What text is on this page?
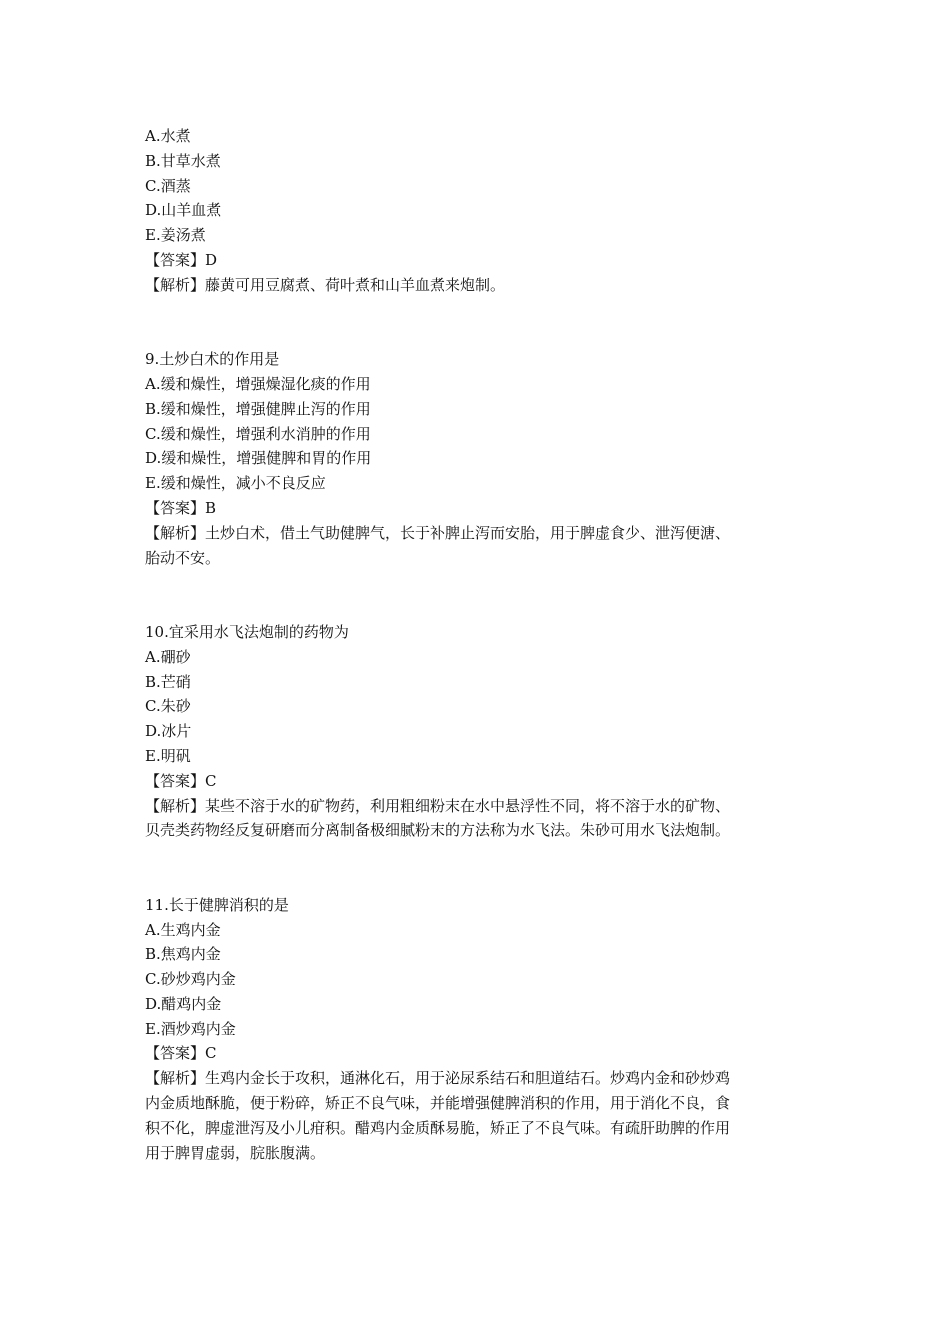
A.水煮
B.甘草水煮
C.酒蒸
D.山羊血煮
E.姜汤煮
【答案】D
【解析】藤黄可用豆腐煮、荷叶煮和山羊血煮来炮制。
9.土炒白术的作用是
A.缓和燥性，增强燥湿化痰的作用
B.缓和燥性，增强健脾止泻的作用
C.缓和燥性，增强利水消肿的作用
D.缓和燥性，增强健脾和胃的作用
E.缓和燥性，减小不良反应
【答案】B
【解析】土炒白术，借土气助健脾气，长于补脾止泻而安胎，用于脾虚食少、泄泻便溏、
胎动不安。
10.宜采用水飞法炮制的药物为
A.硼砂
B.芒硝
C.朱砂
D.冰片
E.明矾
【答案】C
【解析】某些不溶于水的矿物药，利用粗细粉末在水中悬浮性不同，将不溶于水的矿物、
贝壳类药物经反复研磨而分离制备极细腻粉末的方法称为水飞法。朱砂可用水飞法炮制。
11.长于健脾消积的是
A.生鸡内金
B.焦鸡内金
C.砂炒鸡内金
D.醋鸡内金
E.酒炒鸡内金
【答案】C
【解析】生鸡内金长于攻积，通淋化石，用于泌尿系结石和胆道结石。炒鸡内金和砂炒鸡
内金质地酥脆，便于粉碎，矫正不良气味，并能增强健脾消积的作用，用于消化不良，食
积不化，脾虚泄泻及小儿疳积。醋鸡内金质酥易脆，矫正了不良气味。有疏肝助脾的作用
用于脾胃虚弱，脘胀腹满。
